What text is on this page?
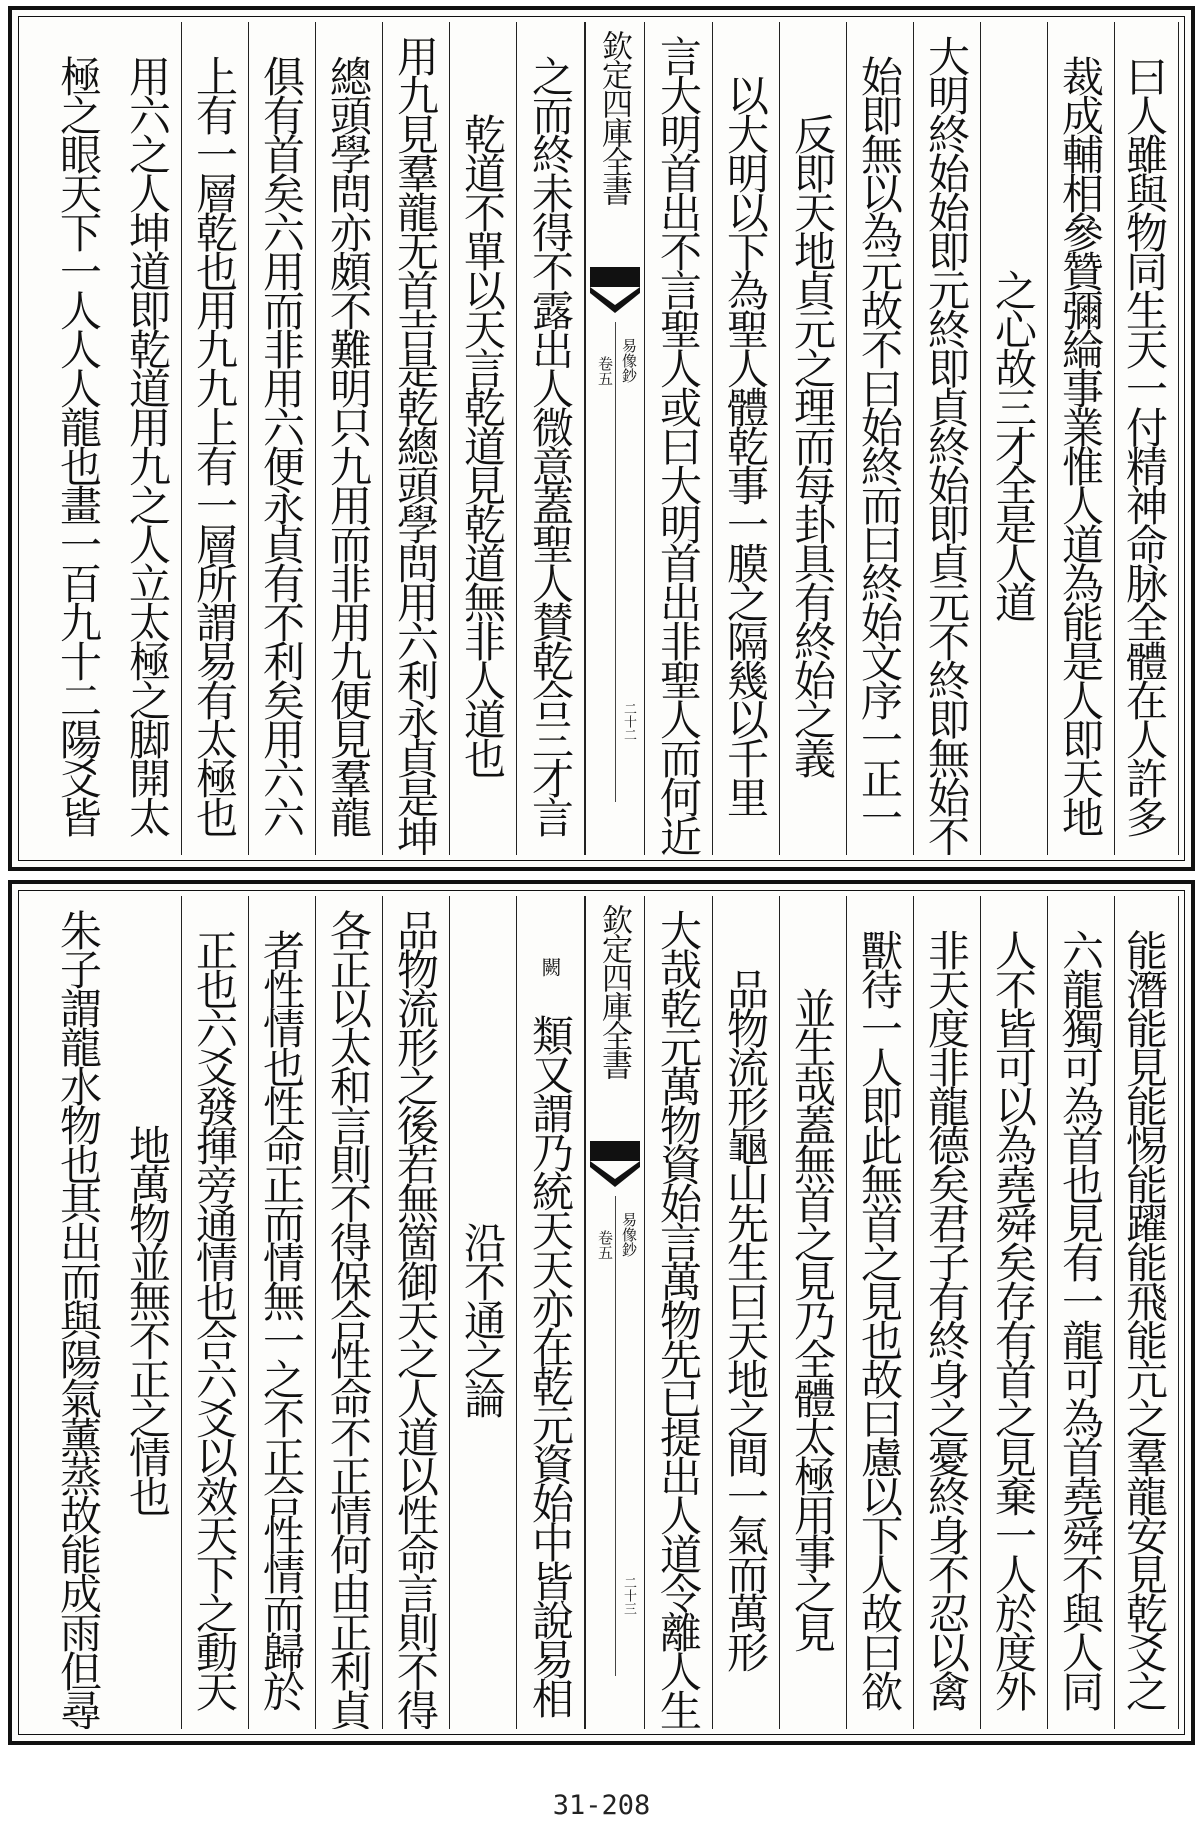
曰人雖與物同生天一付精神命脉全體在人許多
裁成輔相參贊彌綸事業惟人道為能是人即天地
之心故三才全是人道
大明終始始即元終即貞終始即貞元不終即無始不
始即無以為元故不曰始終而曰終始文序一正一
反即天地貞元之理而每卦具有終始之義
以大明以下為聖人體乾事一膜之隔幾以千里
言大明首出不言聖人或曰大明首出非聖人而何近
欽定四庫全書
易像鈔
卷五
二十二
之而終未得不露出人微意蓋聖人賛乾合三才言
乾道不單以天言乾道見乾道無非人道也
用九見羣龍无首吉是乾總頭學問用六利永貞是坤
總頭學問亦頗不難明只九用而非用九便見羣龍
俱有首矣六用而非用六便永貞有不利矣用六六
上有一層乾也用九九上有一層所謂易有太極也
用六之人坤道即乾道用九之人立太極之脚開太
極之眼天下一人人人龍也畫一百九十二陽爻皆
能潛能見能惕能躍能飛能亢之羣龍安見乾爻之
六龍獨可為首也見有一龍可為首堯舜不與人同
人不皆可以為堯舜矣存有首之見棄一人於度外
非天度非龍德矣君子有終身之憂終身不忍以禽
獸待一人即此無首之見也故曰慮以下人故曰欲
並生哉蓋無首之見乃全體太極用事之見
品物流形龜山先生曰天地之間一氣而萬形
大哉乾元萬物資始言萬物先已提出人道令離人生
欽定四庫全書
易像鈔
卷五
二十三
闕
類又謂乃統天天亦在乾元資始中皆說易相
沿不通之論
品物流形之後若無箇御天之人道以性命言則不得
各正以太和言則不得保合性命不正情何由正利貞
者性情也性命正而情無一之不正合性情而歸於
正也六爻發揮旁通情也合六爻以效天下之動天
地萬物並無不正之情也
朱子謂龍水物也其出而與陽氣薰蒸故能成雨但尋
31-208
